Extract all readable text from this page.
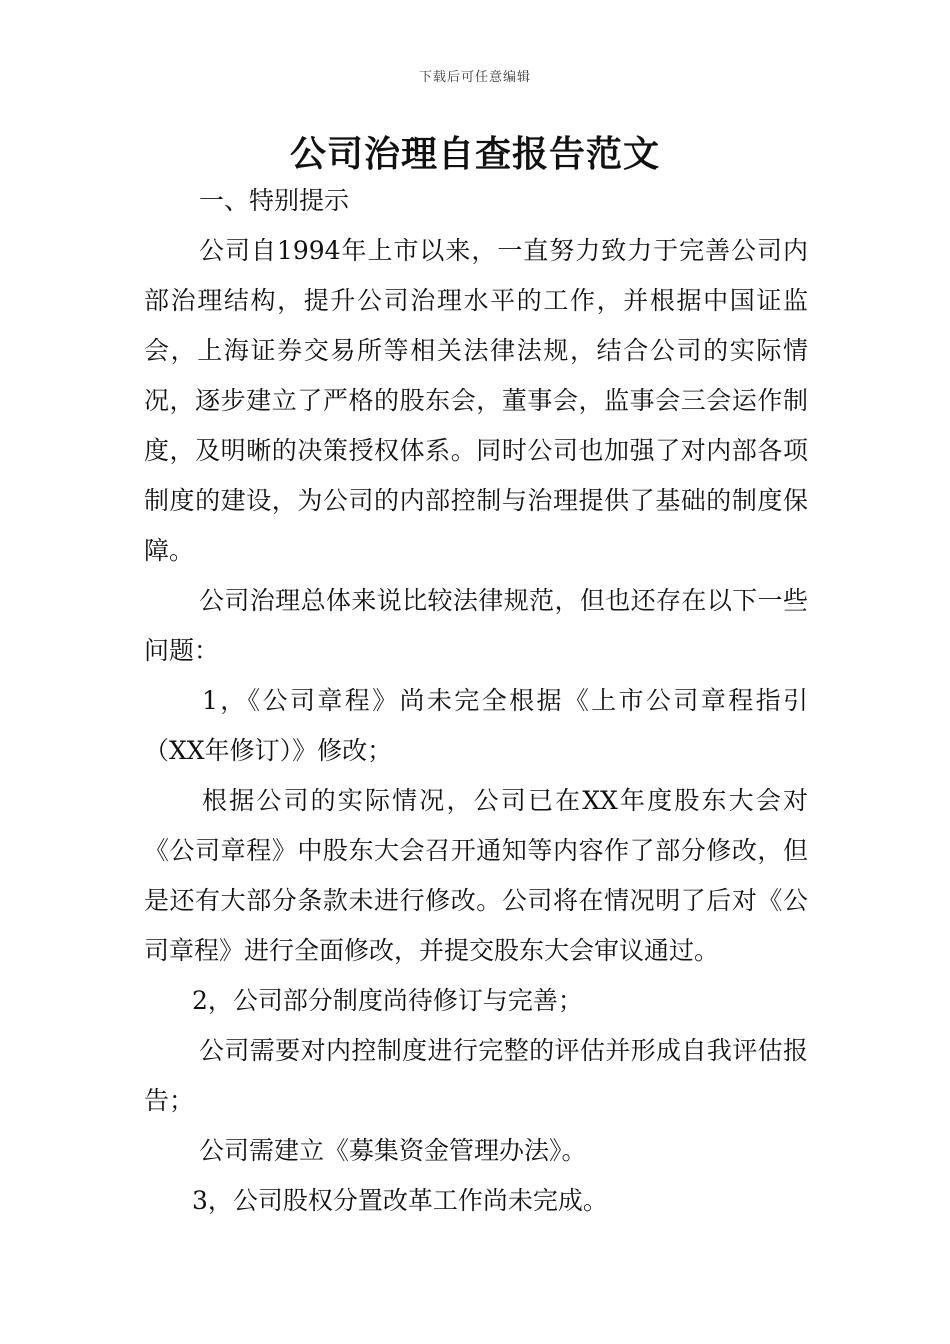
下载后可任意编辑
公司治理自查报告范文

一、特别提示

公司自1994年上市以来，一直努力致力于完善公司内部治理结构，提升公司治理水平的工作，并根据中国证监会，上海证券交易所等相关法律法规，结合公司的实际情况，逐步建立了严格的股东会，董事会，监事会三会运作制度，及明晰的决策授权体系。同时公司也加强了对内部各项制度的建设，为公司的内部控制与治理提供了基础的制度保障。

公司治理总体来说比较法律规范，但也还存在以下一些问题：

1，《公司章程》尚未完全根据《上市公司章程指引（XX年修订）》修改；

根据公司的实际情况，公司已在XX年度股东大会对《公司章程》中股东大会召开通知等内容作了部分修改，但是还有大部分条款未进行修改。公司将在情况明了后对《公司章程》进行全面修改，并提交股东大会审议通过。

2，公司部分制度尚待修订与完善；

公司需要对内控制度进行完整的评估并形成自我评估报告；

公司需建立《募集资金管理办法》。

3，公司股权分置改革工作尚未完成。
